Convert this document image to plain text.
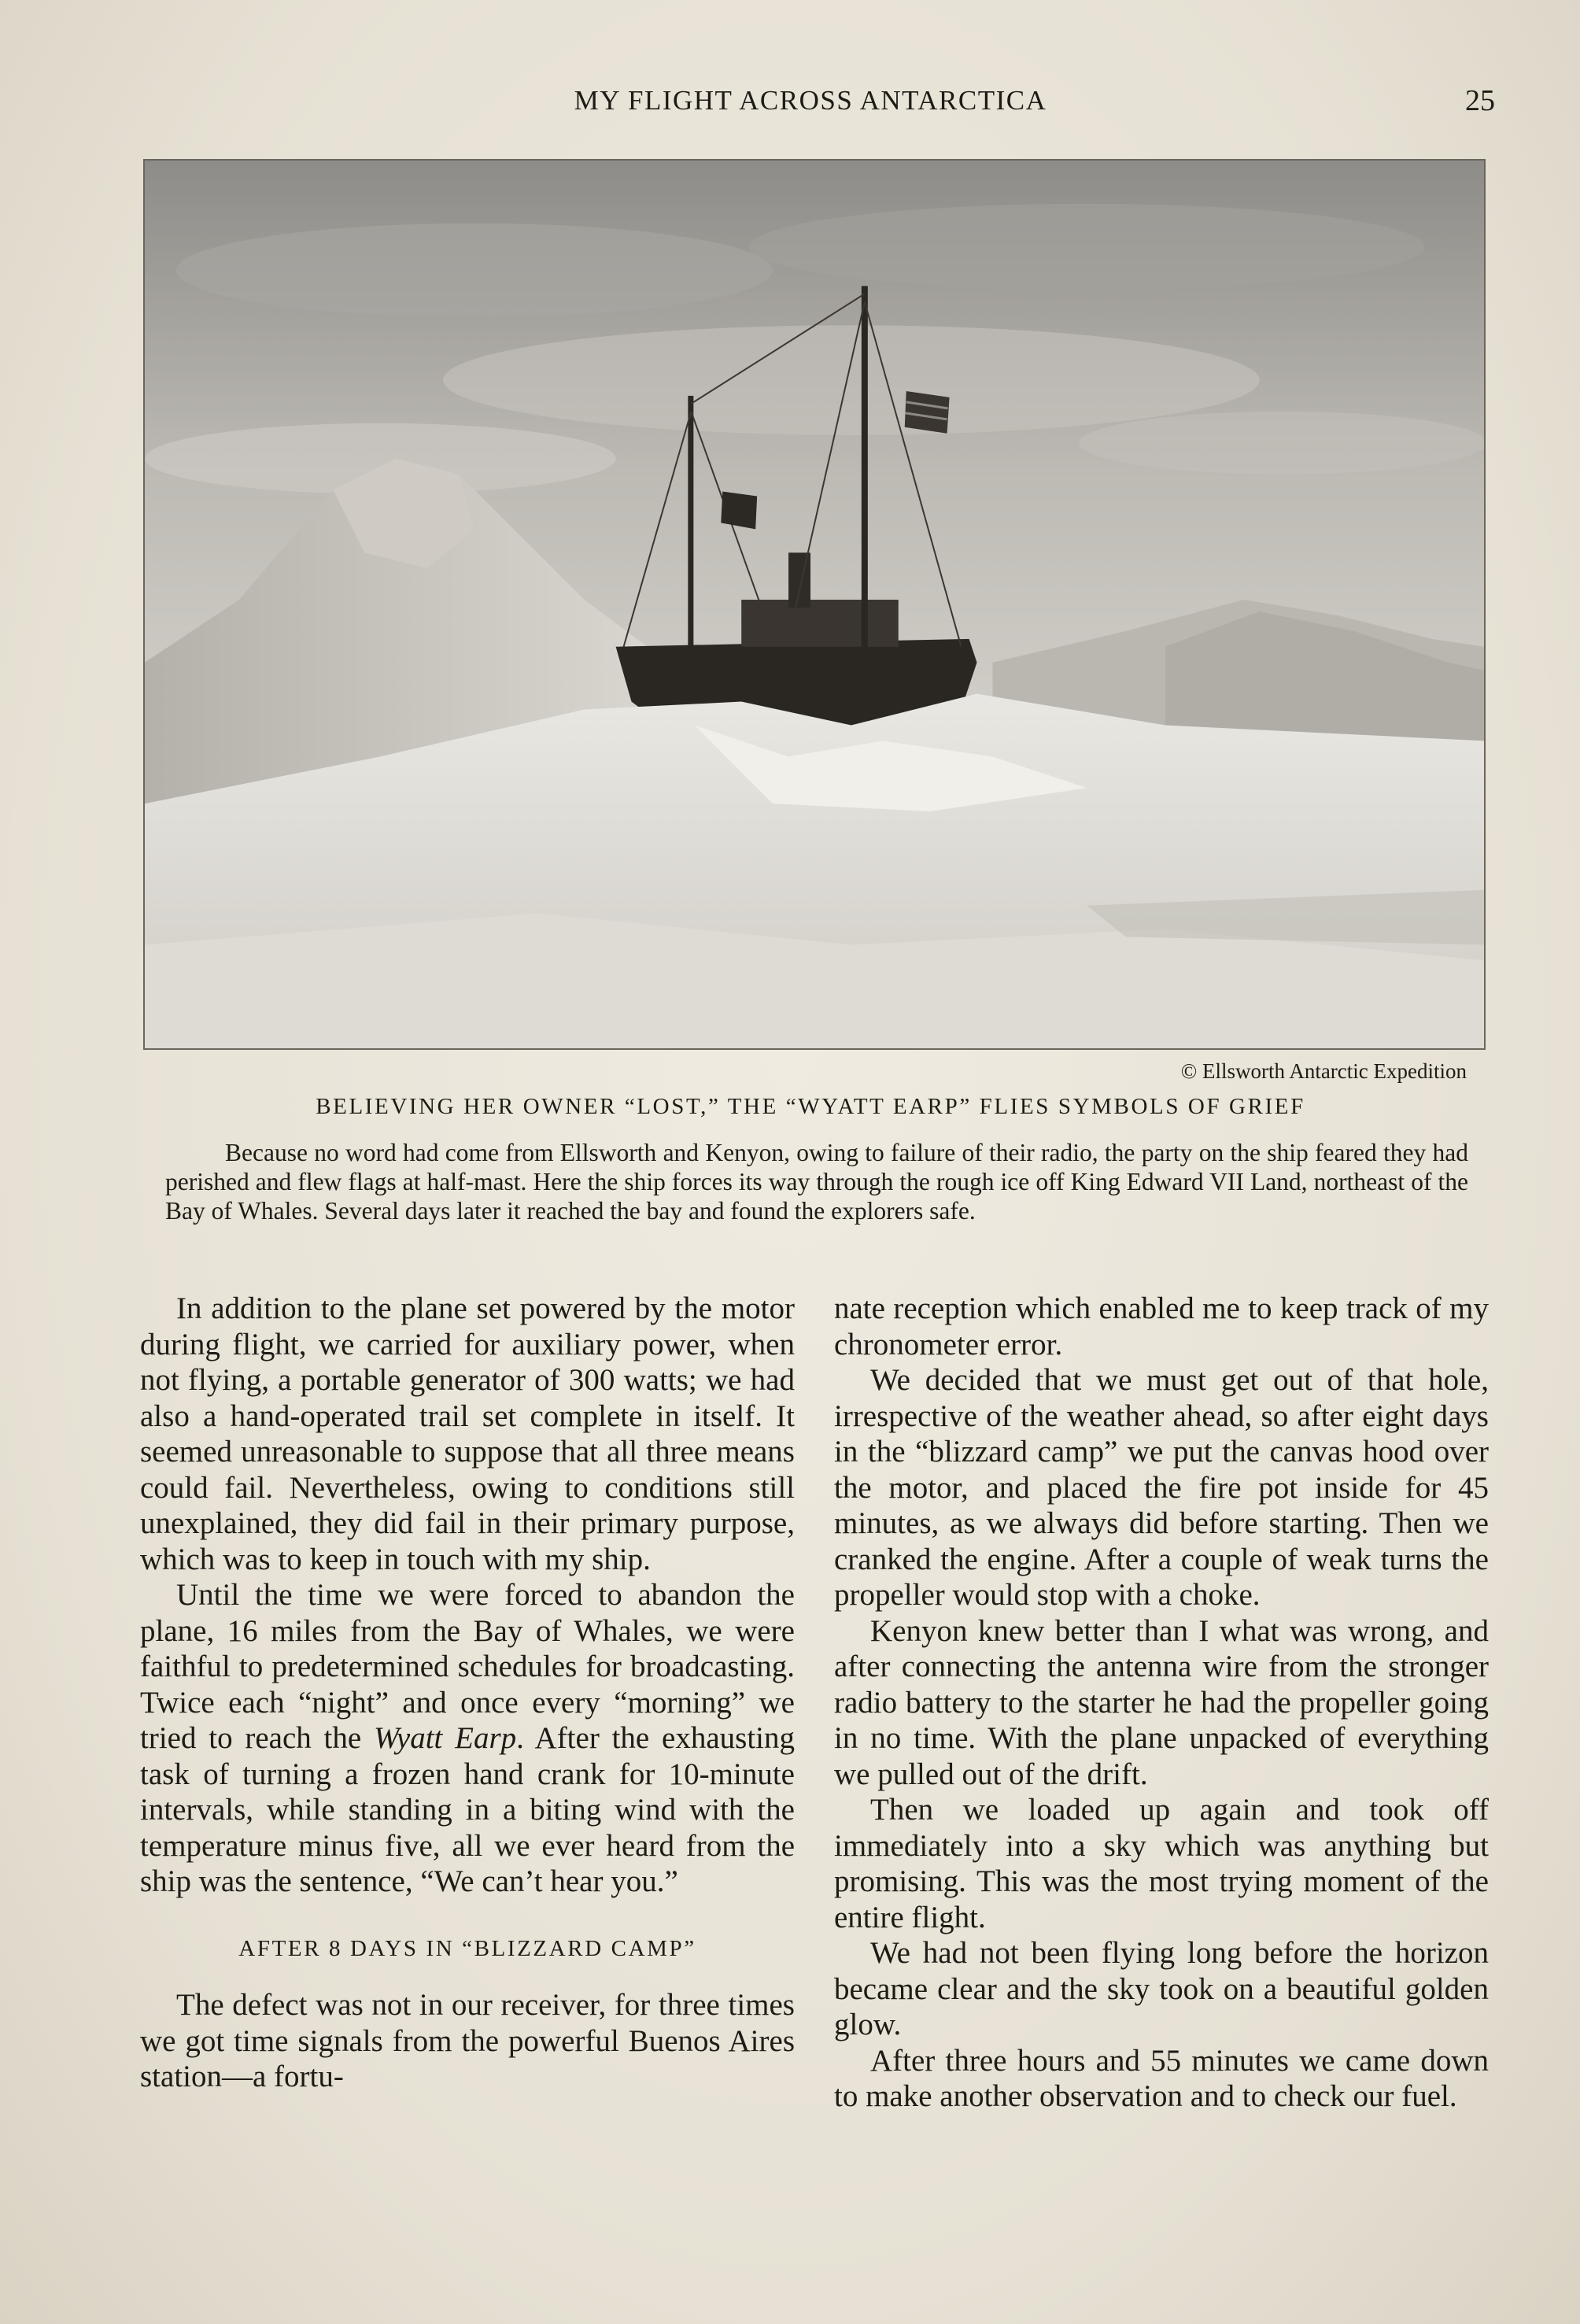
MY FLIGHT ACROSS ANTARCTICA	25
© Ellsworth Antarctic Expedition
BELIEVING HER OWNER “LOST,” THE “WYATT EARP” FLIES SYMBOLS OF GRIEF

Because no word had come from Ellsworth and Kenyon, owing to failure of their radio, the party on the ship feared they had perished and flew flags at half-mast. Here the ship forces its way through the rough ice off King Edward VII Land, northeast of the Bay of Whales. Several days later it reached the bay and found the explorers safe.

In addition to the plane set powered by the motor during flight, we carried for auxiliary power, when not flying, a portable generator of 300 watts; we had also a hand-operated trail set complete in itself. It seemed unreasonable to suppose that all three means could fail. Nevertheless, owing to conditions still unexplained, they did fail in their primary purpose, which was to keep in touch with my ship.

Until the time we were forced to abandon the plane, 16 miles from the Bay of Whales, we were faithful to predetermined schedules for broadcasting. Twice each “night” and once every “morning” we tried to reach the Wyatt Earp. After the exhausting task of turning a frozen hand crank for 10-minute intervals, while standing in a biting wind with the temperature minus five, all we ever heard from the ship was the sentence, “We can’t hear you.”

AFTER 8 DAYS IN “BLIZZARD CAMP”

The defect was not in our receiver, for three times we got time signals from the powerful Buenos Aires station—a fortu-

nate reception which enabled me to keep track of my chronometer error.

We decided that we must get out of that hole, irrespective of the weather ahead, so after eight days in the “blizzard camp” we put the canvas hood over the motor, and placed the fire pot inside for 45 minutes, as we always did before starting. Then we cranked the engine. After a couple of weak turns the propeller would stop with a choke.

Kenyon knew better than I what was wrong, and after connecting the antenna wire from the stronger radio battery to the starter he had the propeller going in no time. With the plane unpacked of everything we pulled out of the drift.

Then we loaded up again and took off immediately into a sky which was anything but promising. This was the most trying moment of the entire flight.

We had not been flying long before the horizon became clear and the sky took on a beautiful golden glow.

After three hours and 55 minutes we came down to make another observation and to check our fuel.
